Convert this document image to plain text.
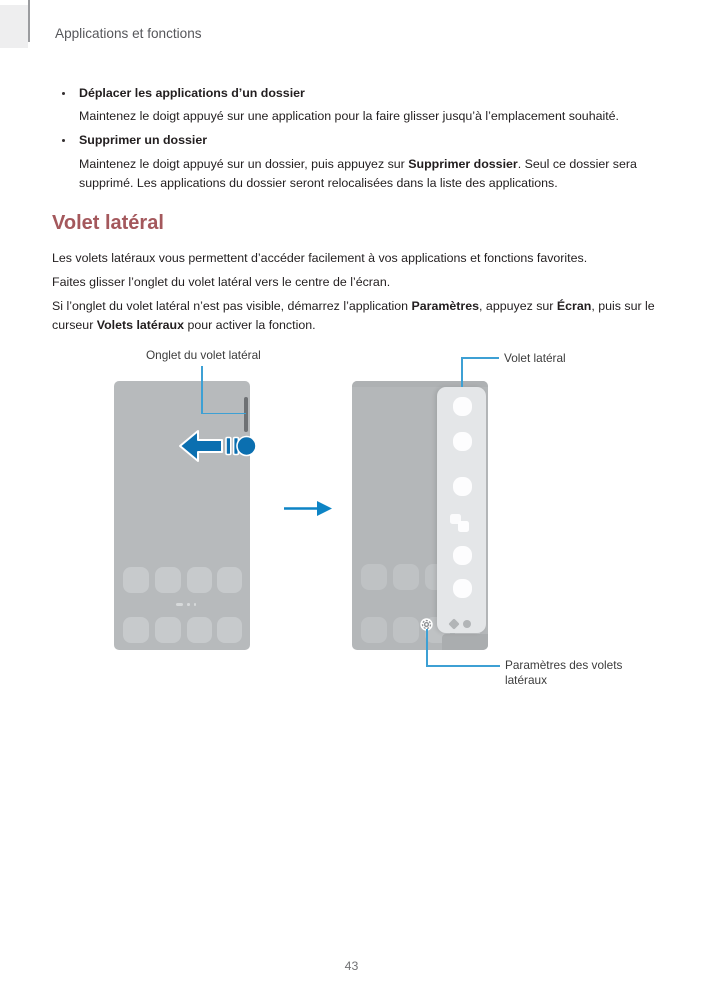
Applications et fonctions
Déplacer les applications d’un dossier
Maintenez le doigt appuyé sur une application pour la faire glisser jusqu’à l’emplacement souhaité.
Supprimer un dossier
Maintenez le doigt appuyé sur un dossier, puis appuyez sur Supprimer dossier. Seul ce dossier sera
supprimé. Les applications du dossier seront relocalisées dans la liste des applications.
Volet latéral
Les volets latéraux vous permettent d’accéder facilement à vos applications et fonctions favorites.
Faites glisser l’onglet du volet latéral vers le centre de l’écran.
Si l’onglet du volet latéral n’est pas visible, démarrez l’application Paramètres, appuyez sur Écran, puis sur le
curseur Volets latéraux pour activer la fonction.
Onglet du volet latéral	Volet latéral
Paramètres des volets
latéraux
43
